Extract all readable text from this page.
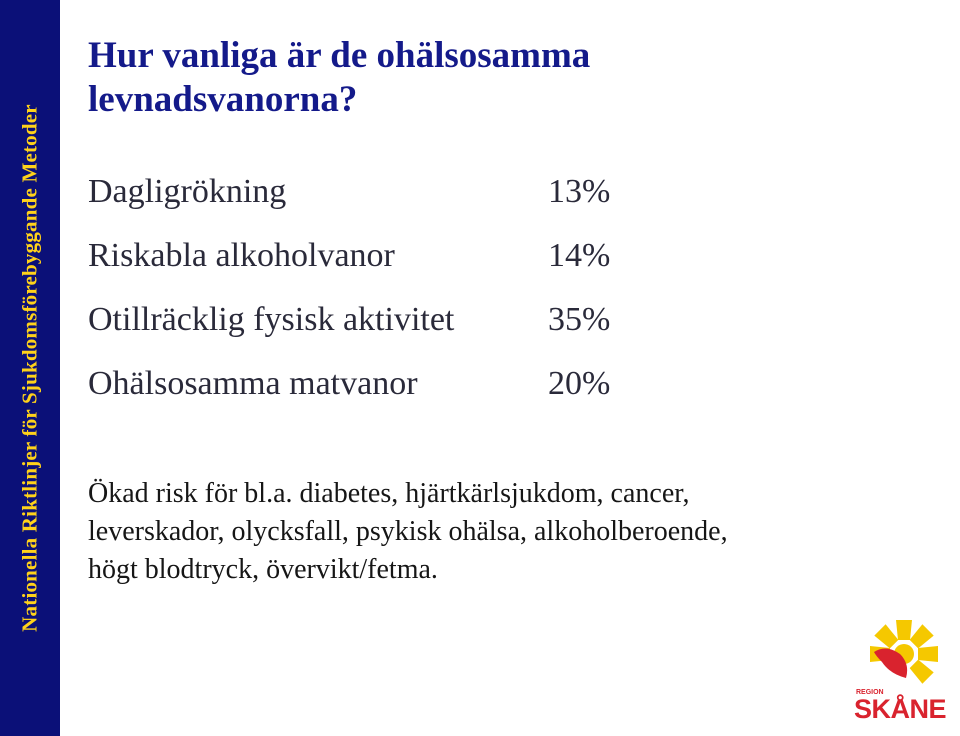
Nationella Riktlinjer för Sjukdomsförebyggande Metoder
Hur vanliga är de ohälsosamma
levnadsvanorna?
Dagligrökning	13%
Riskabla alkoholvanor	14%
Otillräcklig fysisk aktivitet	35%
Ohälsosamma matvanor	20%
Ökad risk för bl.a. diabetes, hjärtkärlsjukdom, cancer,
leverskador, olycksfall, psykisk ohälsa, alkoholberoende,
högt blodtryck, övervikt/fetma.
REGION
SKÅNE
